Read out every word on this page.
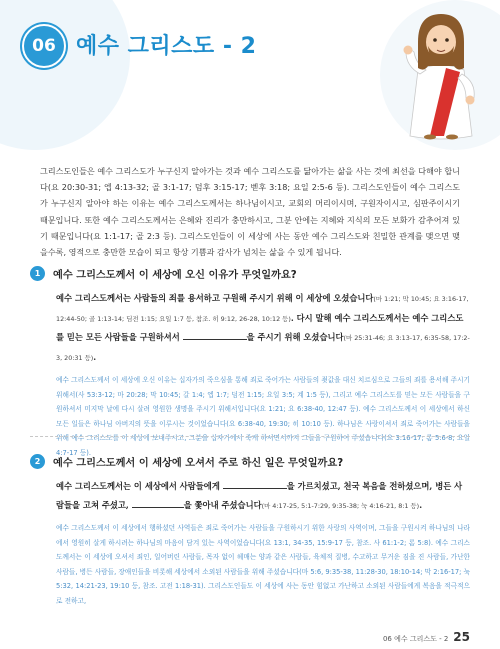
06 예수 그리스도 - 2

그리스도인들은 예수 그리스도가 누구신지 알아가는 것과 예수 그리스도를 닮아가는 삶을 사는 것에 최선을 다해야 합니다(요 20:30-31; 엡 4:13-32; 골 3:1-17; 덤후 3:15-17; 벧후 3:18; 요일 2:5-6 등). 그리스도인들이 예수 그리스도가 누구신지 알아야 하는 이유는 예수 그리스도께서는 하나님이시고, 교회의 머리이시며, 구원자이시고, 심판주이시기 때문입니다. 또한 예수 그리스도께서는 은혜와 진리가 충만하시고, 그분 안에는 지혜와 지식의 모든 보화가 감추어져 있기 때문입니다(요 1:1-17; 골 2:3 등). 그리스도인들이 이 세상에 사는 동안 예수 그리스도와 친밀한 관계를 맺으면 맺을수록, 영적으로 충만한 모습이 되고 항상 기쁨과 감사가 넘치는 삶을 수 있게 됩니다.

1	예수 그리스도께서 이 세상에 오신 이유가 무엇일까요?

예수 그리스도께서는 사람들의 죄를 용서하고 구원해 주시기 위해 이 세상에 오셨습니다(마 1:21; 막 10:45; 요 3:16-17, 12:44-50; 골 1:13-14; 딤전 1:15; 요일 1:7 등, 참조. 히 9:12, 26-28, 10:12 등). 다시 말해 예수 그리스도께서는 예수 그리스도를 믿는 모든 사람들을 구원하셔서	을 주시기 위해 오셨습니다(마 25:31-46; 요 3:13-17, 6:35-58, 17:2-3, 20:31 등).

예수 그리스도께서 이 세상에 오신 이유는 십자가의 죽으심을 통해 죄로 죽어가는 사람들의 죗값을 대신 치르심으로 그들의 죄를 용서해 주시기 위해서(사 53:3-12; 마 20:28; 막 10:45; 갈 1:4; 엡 1:7; 덤전 1:15; 요일 3:5; 계 1:5 등), 그리고 예수 그리스도를 믿는 모든 사람들을 구원하셔서 미지막 날에 다시 살려 영원한 생명을 주시기 위해서입니다(요 1:21; 요 6:38-40, 12:47 등). 예수 그리스도께서 이 세상에서 하신 모든 일들은 하나님 아버지의 뜻을 이루시는 것이었습니다(요 6:38-40, 19:30; 히 10:10 등). 하나님은 사랑이셔서 죄로 죽어가는 사람들을 위해 예수 그리스도를 이 세상에 보내주시고, 그분을 십자가에서 죽게 하셔면서까지 그들을 구원하여 주셨습니다(요 3:16-17; 롬 5:6-8; 요일 4:7-17 등).

2	예수 그리스도께서 이 세상에 오셔서 주로 하신 일은 무엇일까요?

예수 그리스도께서는 이 세상에서 사람들에게	을 가르치셨고, 천국 복음을 전하셨으며, 병든 사람들을 고쳐 주셨고,	을 쫓아내 주셨습니다(마 4:17-25, 5:1-7:29, 9:35-38; 눅 4:16-21, 8:1 등).

예수 그리스도께서 이 세상에서 행하셨던 사역들은 죄로 죽어가는 사람들을 구원하시기 위한 사랑의 사역이며, 그들을 구원시켜 하나님의 나라에서 영원히 살게 하시려는 하나님의 마음이 담겨 있는 사역이었습니다(요 13:1, 34-35, 15:9-17 등, 참조. 사 61:1-2; 롬 5:8). 예수 그리스도께서는 이 세상에 오셔서 죄인, 일어버린 사람들, 목자 없이 헤매는 양과 같은 사람들, 육체적 질병, 수고하고 무거운 짐을 진 사람들, 가난한 사람들, 병든 사람들, 장애인들을 비롯해 세상에서 소외된 사람들을 위해 주셨습니다(마 5:6, 9:35-38, 11:28-30, 18:10-14; 막 2:16-17; 눅 5:32, 14:21-23, 19:10 등, 참조. 고전 1:18-31). 그리스도인들도 이 세상에 사는 동안 힘없고 가난하고 소외된 사람들에게 복음을 적극적으로 전하고,

06 예수 그리스도 - 2 25
